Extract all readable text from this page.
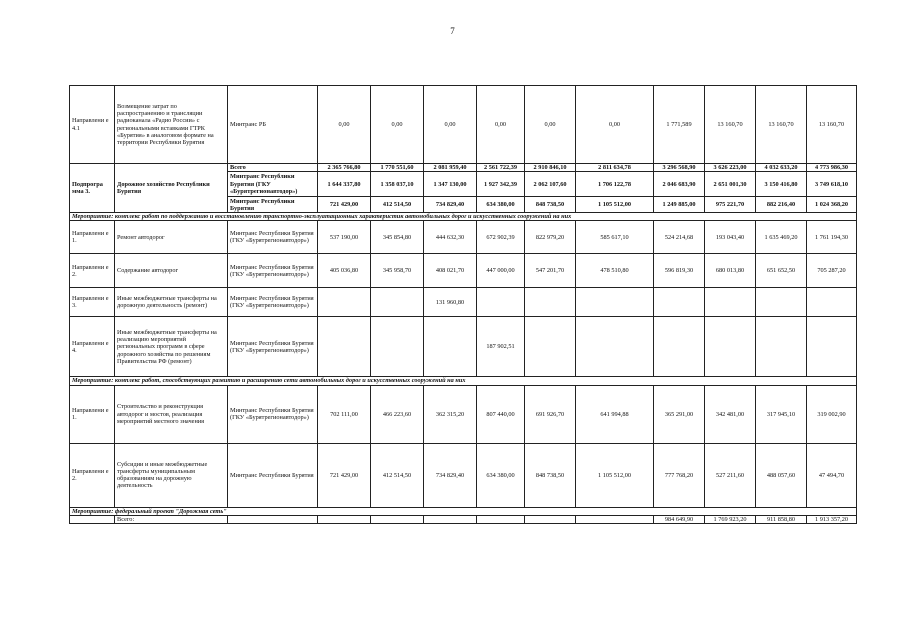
7
Направлени е 4.1	Возмещение затрат по распространению и трансляции радиоканала «Радио России» с региональными вставками ГТРК «Бурятия» в аналоговом формате на территории Республики Бурятия	Минтранс РБ	0,00	0,00	0,00	0,00	0,00	0,00	1 771,589	13 160,70	13 160,70	13 160,70
Подпрогра мма 3.	Дорожное хозяйство Республики Бурятия	Всего	2 365 766,80	1 770 551,60	2 081 959,40	2 561 722,39	2 910 846,10	2 811 634,78	3 296 568,90	3 626 223,00	4 032 633,20	4 773 986,30
		Минтранс Республики Бурятия (ГКУ «Бурятрегионавтодор»)	1 644 337,80	1 358 037,10	1 347 130,00	1 927 342,39	2 062 107,60	1 706 122,78	2 046 683,90	2 651 001,30	3 150 416,80	3 749 618,10
		Минтранс Республики Бурятия	721 429,00	412 514,50	734 829,40	634 380,00	848 738,50	1 105 512,00	1 249 885,00	975 221,70	882 216,40	1 024 368,20
Мероприятие: комплекс работ по поддержанию и восстановлению транспортно-эксплуатационных характеристик автомобильных дорог и искусственных сооружений на них												
Направлени е 1.	Ремонт автодорог	Минтранс Республики Бурятия (ГКУ «Бурятрегионавтодор»)	537 190,00	345 854,80	444 632,30	672 902,39	822 979,20	585 617,10	524 214,68	193 043,40	1 635 469,20	1 761 194,30
Направлени е 2.	Содержание автодорог	Минтранс Республики Бурятия (ГКУ «Бурятрегионавтодор»)	405 036,80	345 958,70	408 021,70	447 000,00	547 201,70	478 510,80	596 819,30	680 013,80	651 652,50	705 287,20
Направлени е 3.	Иные межбюджетные трансферты на дорожную деятельность (ремонт)	Минтранс Республики Бурятия (ГКУ «Бурятрегионавтодор»)			131 960,80							
Направлени е 4.	Иные межбюджетные трансферты на реализацию мероприятий региональных программ в сфере дорожного хозяйства по решениям Правительства РФ (ремонт)	Минтранс Республики Бурятия (ГКУ «Бурятрегионавтодор»)				187 902,51						
Мероприятие: комплекс работ, способствующих развитию и расширению сети автомобильных дорог и искусственных сооружений на них												
Направлени е 1.	Строительство и реконструкция автодорог и мостов, реализация мероприятий местного значения	Минтранс Республики Бурятия (ГКУ «Бурятрегионавтодор»)	702 111,00	466 223,60	362 315,20	807 440,00	691 926,70	641 994,88	365 291,00	342 481,00	317 945,10	319 002,90
Направлени е 2.	Субсидии и иные межбюджетные трансферты муниципальным образованиям на дорожную деятельность	Минтранс Республики Бурятия	721 429,00	412 514,50	734 829,40	634 380,00	848 738,50	1 105 512,00	777 768,20	527 211,60	488 057,60	47 494,70
Мероприятие: федеральный проект "Дорожная сеть"												
	Всего:								984 649,90	1 769 923,20	911 858,80	1 913 357,20
